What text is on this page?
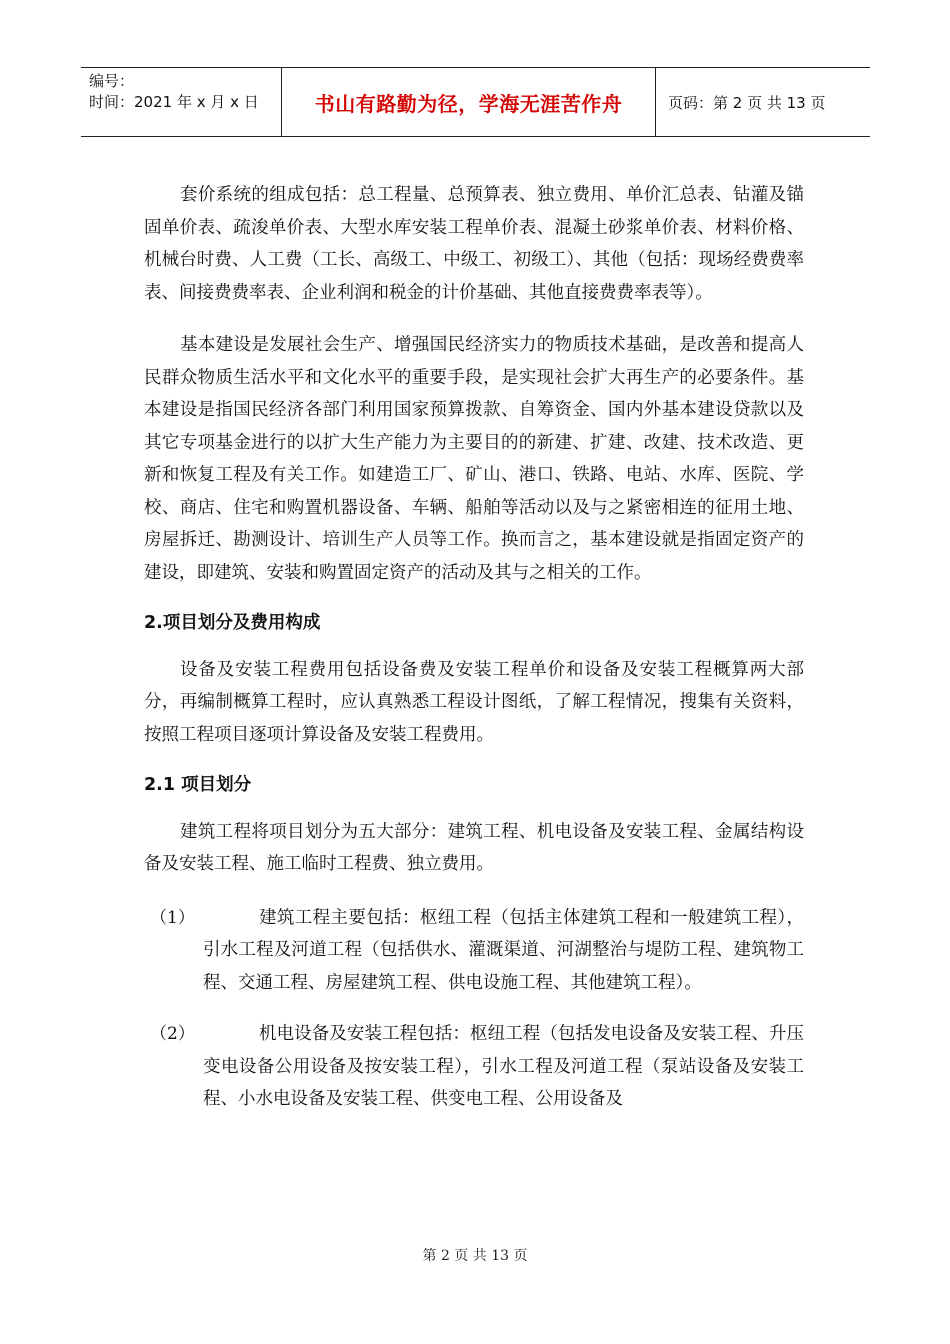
编号：
时间：2021 年 x 月 x 日	书山有路勤为径，学海无涯苦作舟	页码：第 2 页 共 13 页

套价系统的组成包括：总工程量、总预算表、独立费用、单价汇总表、钻灌及锚固单价表、疏浚单价表、大型水库安装工程单价表、混凝土砂浆单价表、材料价格、机械台时费、人工费（工长、高级工、中级工、初级工）、其他（包括：现场经费费率表、间接费费率表、企业利润和税金的计价基础、其他直接费费率表等）。

基本建设是发展社会生产、增强国民经济实力的物质技术基础，是改善和提高人民群众物质生活水平和文化水平的重要手段，是实现社会扩大再生产的必要条件。基本建设是指国民经济各部门利用国家预算拨款、自筹资金、国内外基本建设贷款以及其它专项基金进行的以扩大生产能力为主要目的的新建、扩建、改建、技术改造、更新和恢复工程及有关工作。如建造工厂、矿山、港口、铁路、电站、水库、医院、学校、商店、住宅和购置机器设备、车辆、船舶等活动以及与之紧密相连的征用土地、房屋拆迁、勘测设计、培训生产人员等工作。换而言之，基本建设就是指固定资产的建设，即建筑、安装和购置固定资产的活动及其与之相关的工作。

2.项目划分及费用构成

设备及安装工程费用包括设备费及安装工程单价和设备及安装工程概算两大部分，再编制概算工程时，应认真熟悉工程设计图纸，了解工程情况，搜集有关资料，按照工程项目逐项计算设备及安装工程费用。

2.1 项目划分

建筑工程将项目划分为五大部分：建筑工程、机电设备及安装工程、金属结构设备及安装工程、施工临时工程费、独立费用。

（1）	建筑工程主要包括：枢纽工程（包括主体建筑工程和一般建筑工程），引水工程及河道工程（包括供水、灌溉渠道、河湖整治与堤防工程、建筑物工程、交通工程、房屋建筑工程、供电设施工程、其他建筑工程）。

（2）	机电设备及安装工程包括：枢纽工程（包括发电设备及安装工程、升压变电设备公用设备及按安装工程），引水工程及河道工程（泵站设备及安装工程、小水电设备及安装工程、供变电工程、公用设备及

第 2 页 共 13 页
